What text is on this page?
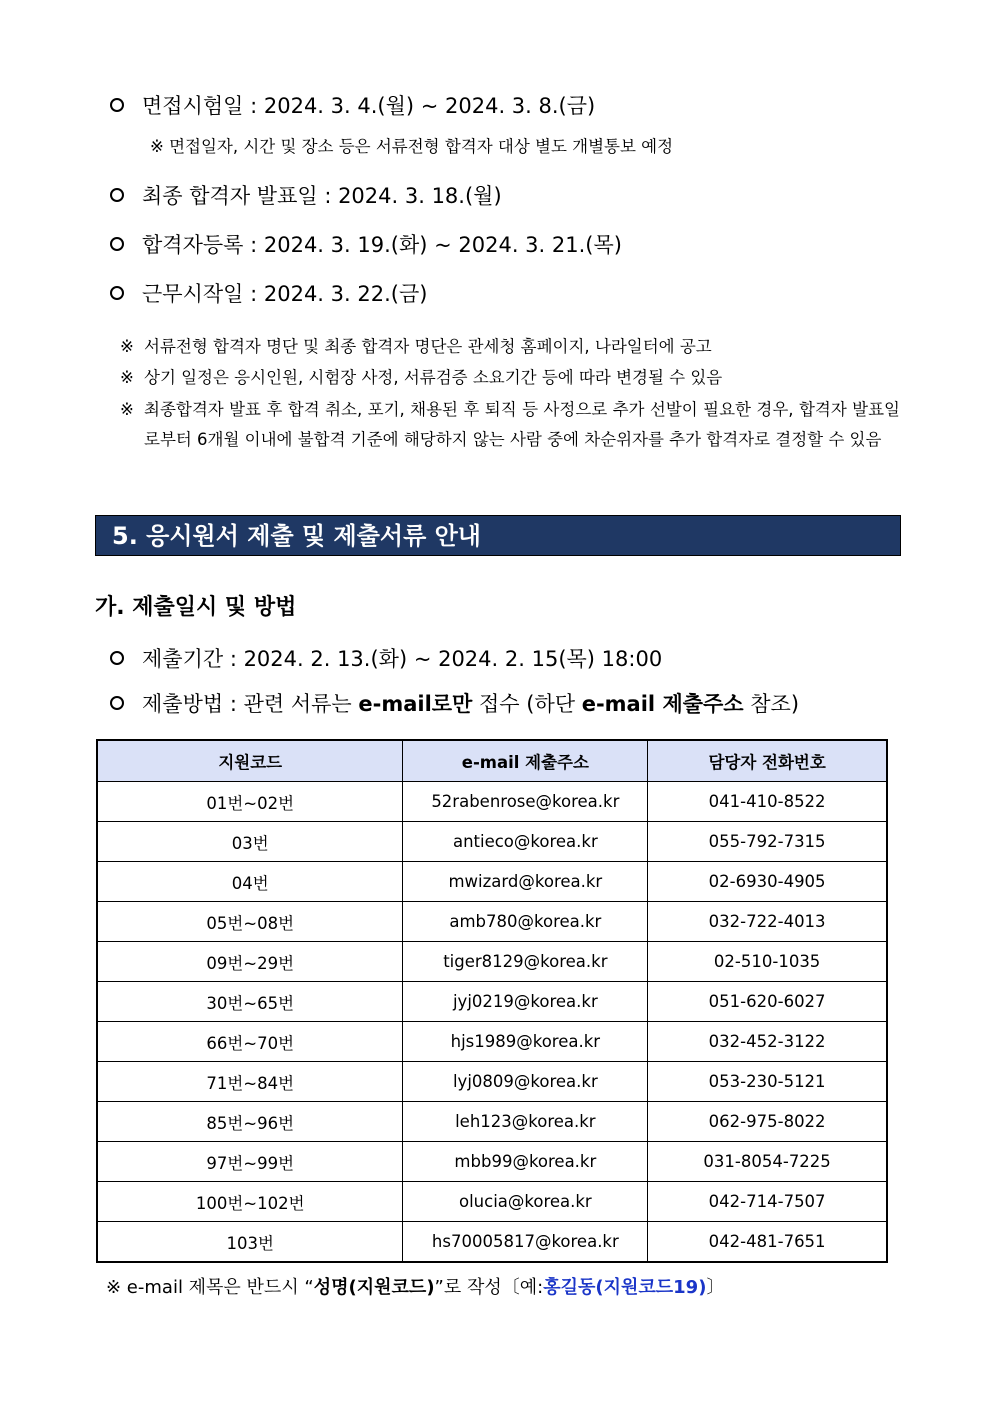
면접시험일 : 2024. 3. 4.(월) ~ 2024. 3. 8.(금)
※ 면접일자, 시간 및 장소 등은 서류전형 합격자 대상 별도 개별통보 예정
최종 합격자 발표일 : 2024. 3. 18.(월)
합격자등록 : 2024. 3. 19.(화) ~ 2024. 3. 21.(목)
근무시작일 : 2024. 3. 22.(금)
※ 서류전형 합격자 명단 및 최종 합격자 명단은 관세청 홈페이지, 나라일터에 공고
※ 상기 일정은 응시인원, 시험장 사정, 서류검증 소요기간 등에 따라 변경될 수 있음
※ 최종합격자 발표 후 합격 취소, 포기, 채용된 후 퇴직 등 사정으로 추가 선발이 필요한 경우, 합격자 발표일로부터 6개월 이내에 불합격 기준에 해당하지 않는 사람 중에 차순위자를 추가 합격자로 결정할 수 있음
5. 응시원서 제출 및 제출서류 안내
가. 제출일시 및 방법
제출기간 : 2024. 2. 13.(화) ~ 2024. 2. 15(목) 18:00
제출방법 : 관련 서류는 e-mail로만 접수 (하단 e-mail 제출주소 참조)
지원코드	e-mail 제출주소	담당자 전화번호
01번~02번	52rabenrose@korea.kr	041-410-8522
03번	antieco@korea.kr	055-792-7315
04번	mwizard@korea.kr	02-6930-4905
05번~08번	amb780@korea.kr	032-722-4013
09번~29번	tiger8129@korea.kr	02-510-1035
30번~65번	jyj0219@korea.kr	051-620-6027
66번~70번	hjs1989@korea.kr	032-452-3122
71번~84번	lyj0809@korea.kr	053-230-5121
85번~96번	leh123@korea.kr	062-975-8022
97번~99번	mbb99@korea.kr	031-8054-7225
100번~102번	olucia@korea.kr	042-714-7507
103번	hs70005817@korea.kr	042-481-7651
※ e-mail 제목은 반드시 “성명(지원코드)”로 작성〔예:홍길동(지원코드19)〕
